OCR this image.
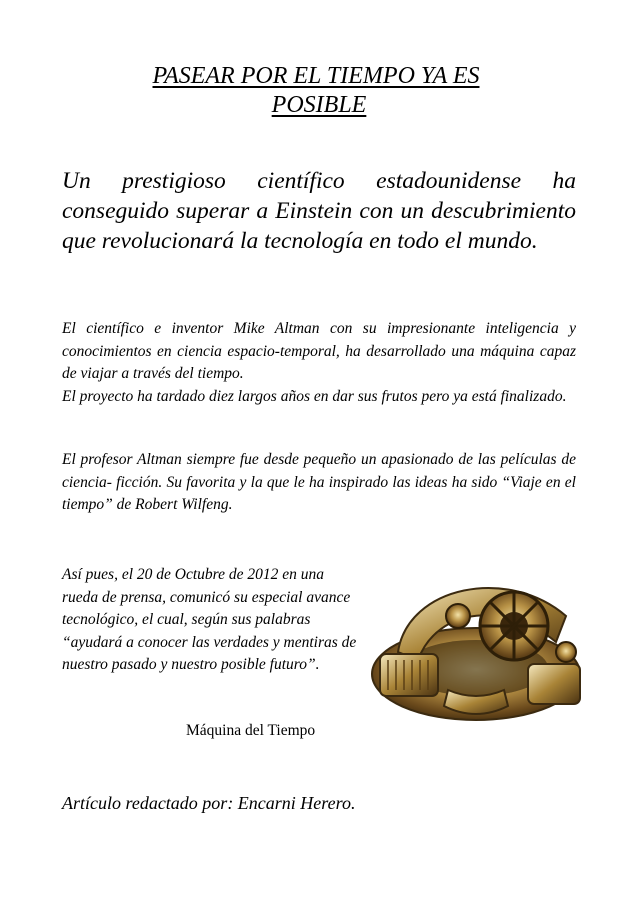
PASEAR POR EL TIEMPO YA ES
POSIBLE

Un prestigioso científico estadounidense ha conseguido superar a Einstein con un descubrimiento que revolucionará la tecnología en todo el mundo.

El científico e inventor Mike Altman con su impresionante inteligencia y conocimientos en ciencia espacio-temporal, ha desarrollado una máquina capaz de viajar a través del tiempo.
El proyecto ha tardado diez largos años en dar sus frutos pero ya está finalizado.

El profesor Altman siempre fue desde pequeño un apasionado de las películas de ciencia- ficción. Su favorita y la que le ha inspirado las ideas ha sido “Viaje en el tiempo” de Robert Wilfeng.

Así pues, el 20 de Octubre de 2012 en una rueda de prensa, comunicó su especial avance tecnológico, el cual, según sus palabras “ayudará a conocer las verdades y mentiras de nuestro pasado y nuestro posible futuro”.

Máquina del Tiempo

Artículo redactado por: Encarni Herero.
